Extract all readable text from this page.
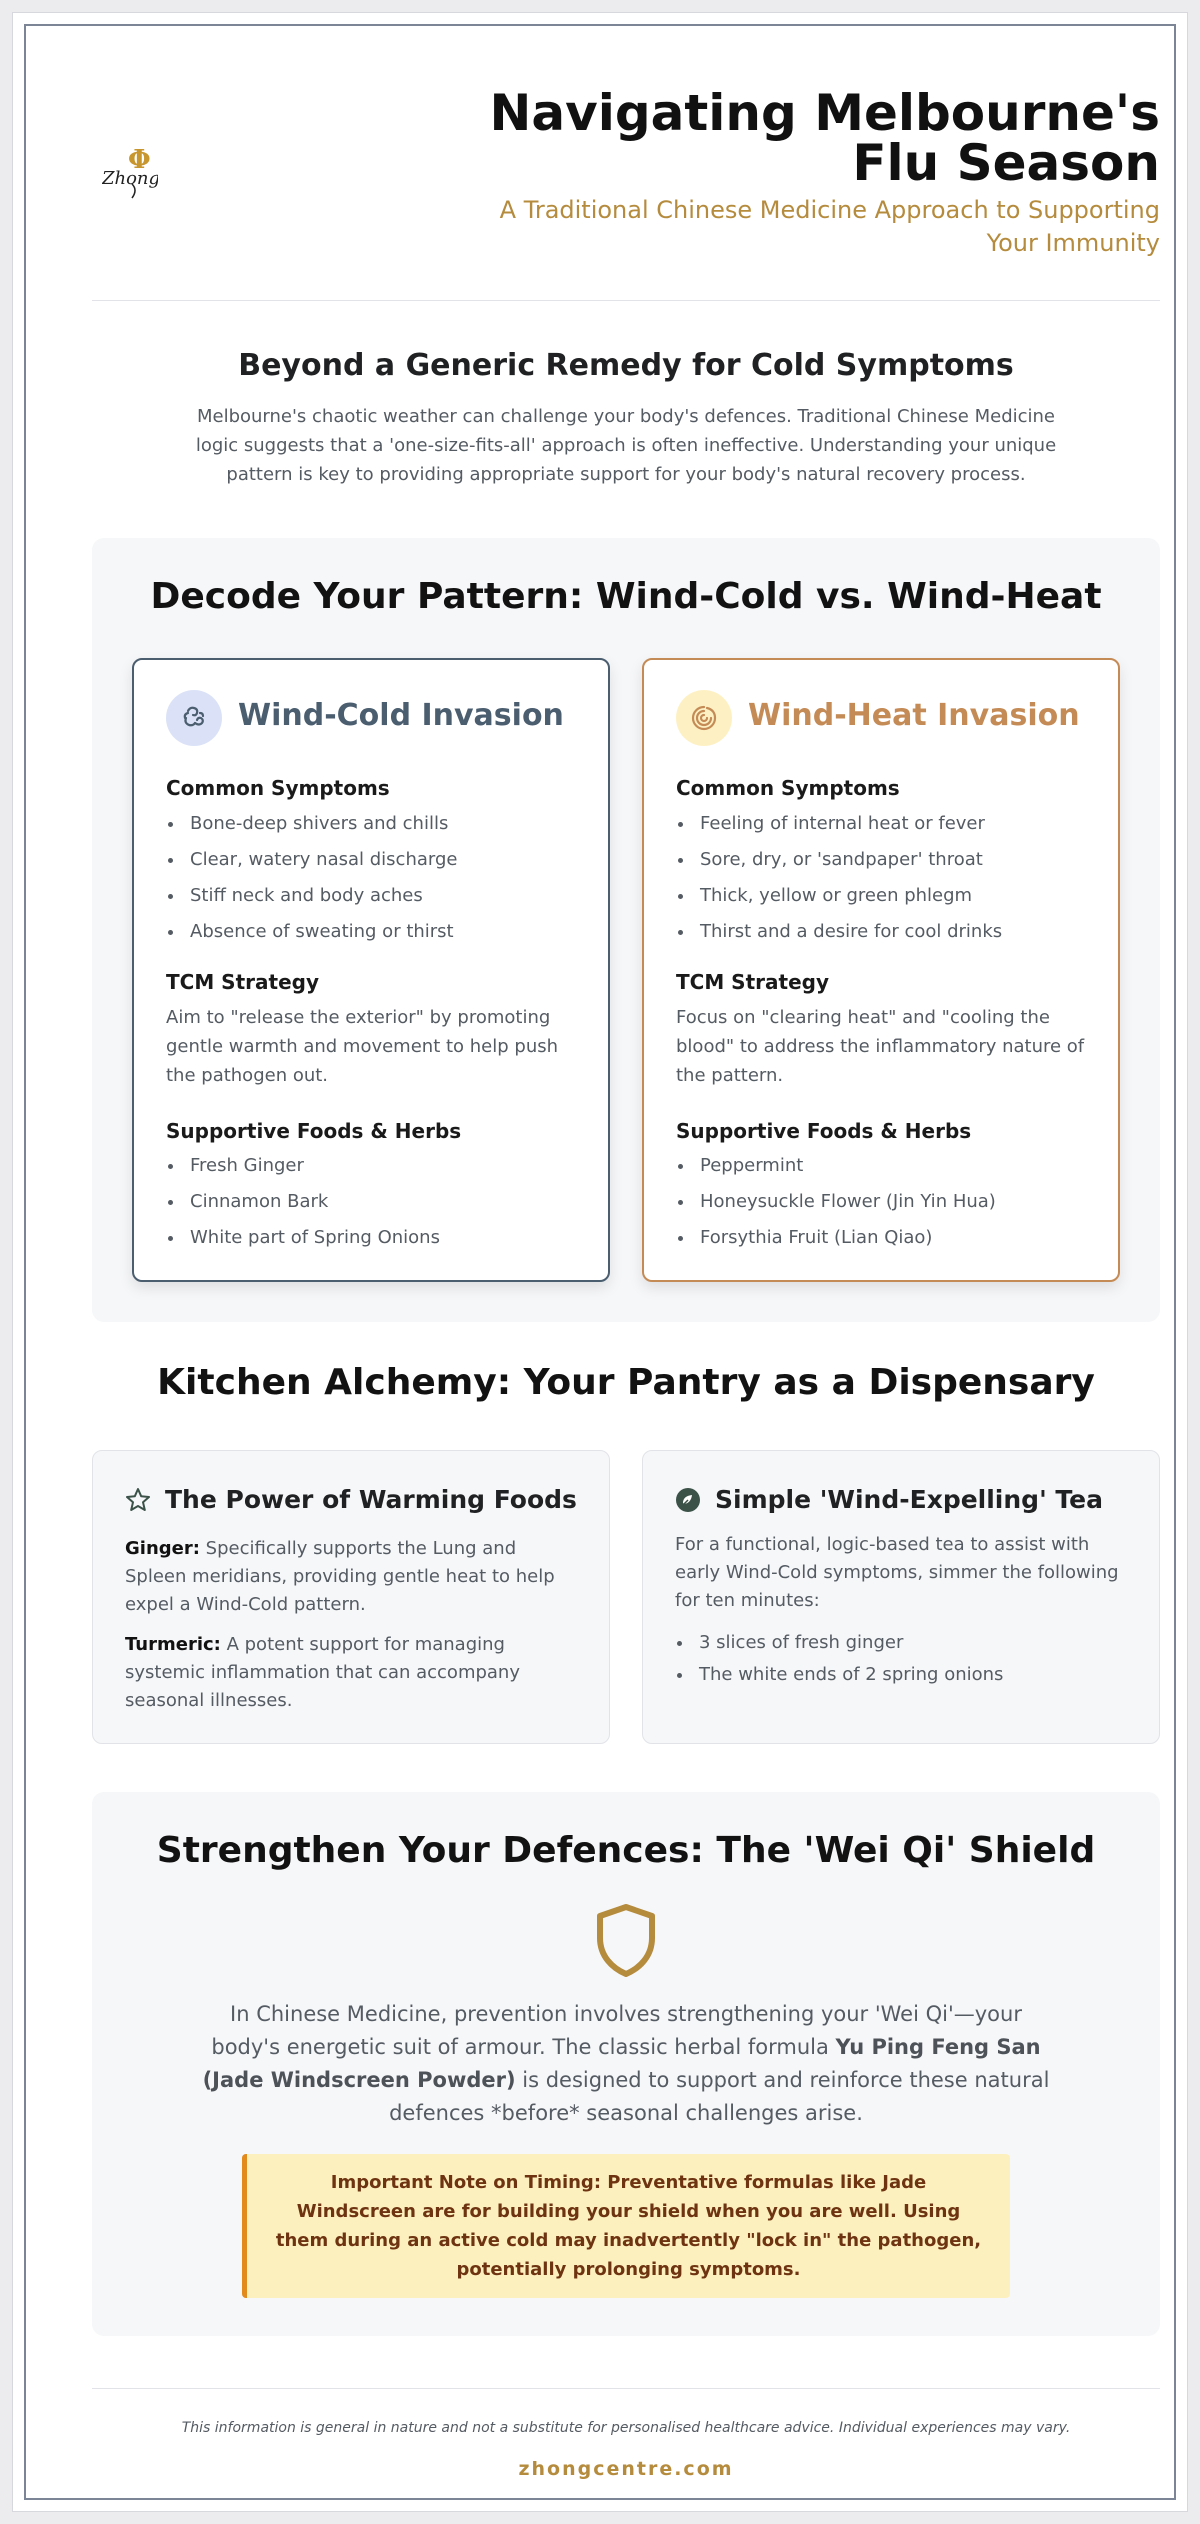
Φ
Zhong
Navigating Melbourne's Flu Season
A Traditional Chinese Medicine Approach to Supporting Your Immunity
Beyond a Generic Remedy for Cold Symptoms

Melbourne's chaotic weather can challenge your body's defences. Traditional Chinese Medicine logic suggests that a 'one-size-fits-all' approach is often ineffective. Understanding your unique pattern is key to providing appropriate support for your body's natural recovery process.

Decode Your Pattern: Wind-Cold vs. Wind-Heat
Wind-Cold Invasion
Common Symptoms
Bone-deep shivers and chills
Clear, watery nasal discharge
Stiff neck and body aches
Absence of sweating or thirst
TCM Strategy

Aim to "release the exterior" by promoting gentle warmth and movement to help push the pathogen out.

Supportive Foods & Herbs
Fresh Ginger
Cinnamon Bark
White part of Spring Onions
Wind-Heat Invasion
Common Symptoms
Feeling of internal heat or fever
Sore, dry, or 'sandpaper' throat
Thick, yellow or green phlegm
Thirst and a desire for cool drinks
TCM Strategy

Focus on "clearing heat" and "cooling the blood" to address the inflammatory nature of the pattern.

Supportive Foods & Herbs
Peppermint
Honeysuckle Flower (Jin Yin Hua)
Forsythia Fruit (Lian Qiao)
Kitchen Alchemy: Your Pantry as a Dispensary
The Power of Warming Foods

Ginger: Specifically supports the Lung and Spleen meridians, providing gentle heat to help expel a Wind-Cold pattern.

Turmeric: A potent support for managing systemic inflammation that can accompany seasonal illnesses.

Simple 'Wind-Expelling' Tea

For a functional, logic-based tea to assist with early Wind-Cold symptoms, simmer the following for ten minutes:

3 slices of fresh ginger
The white ends of 2 spring onions
Strengthen Your Defences: The 'Wei Qi' Shield

In Chinese Medicine, prevention involves strengthening your 'Wei Qi'—your body's energetic suit of armour. The classic herbal formula Yu Ping Feng San (Jade Windscreen Powder) is designed to support and reinforce these natural defences *before* seasonal challenges arise.

Important Note on Timing: Preventative formulas like Jade Windscreen are for building your shield when you are well. Using them during an active cold may inadvertently "lock in" the pathogen, potentially prolonging symptoms.

This information is general in nature and not a substitute for personalised healthcare advice. Individual experiences may vary.

zhongcentre.com
